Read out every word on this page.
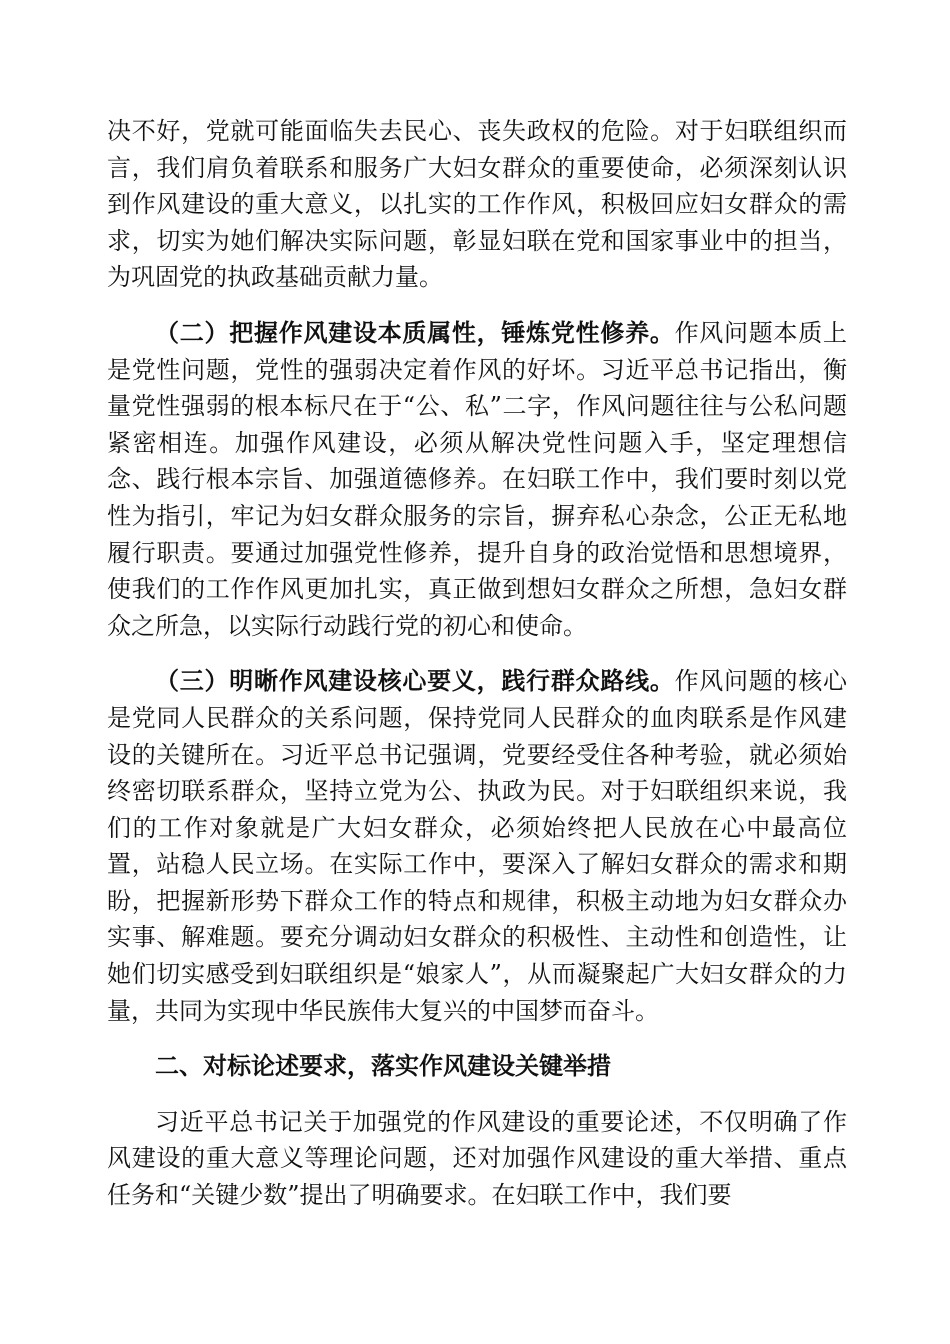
决不好，党就可能面临失去民心、丧失政权的危险。对于妇联组织而言，我们肩负着联系和服务广大妇女群众的重要使命，必须深刻认识到作风建设的重大意义，以扎实的工作作风，积极回应妇女群众的需求，切实为她们解决实际问题，彰显妇联在党和国家事业中的担当，为巩固党的执政基础贡献力量。

（二）把握作风建设本质属性，锤炼党性修养。作风问题本质上是党性问题，党性的强弱决定着作风的好坏。习近平总书记指出，衡量党性强弱的根本标尺在于“公、私”二字，作风问题往往与公私问题紧密相连。加强作风建设，必须从解决党性问题入手，坚定理想信念、践行根本宗旨、加强道德修养。在妇联工作中，我们要时刻以党性为指引，牢记为妇女群众服务的宗旨，摒弃私心杂念，公正无私地履行职责。要通过加强党性修养，提升自身的政治觉悟和思想境界，使我们的工作作风更加扎实，真正做到想妇女群众之所想，急妇女群众之所急，以实际行动践行党的初心和使命。

（三）明晰作风建设核心要义，践行群众路线。作风问题的核心是党同人民群众的关系问题，保持党同人民群众的血肉联系是作风建设的关键所在。习近平总书记强调，党要经受住各种考验，就必须始终密切联系群众，坚持立党为公、执政为民。对于妇联组织来说，我们的工作对象就是广大妇女群众，必须始终把人民放在心中最高位置，站稳人民立场。在实际工作中，要深入了解妇女群众的需求和期盼，把握新形势下群众工作的特点和规律，积极主动地为妇女群众办实事、解难题。要充分调动妇女群众的积极性、主动性和创造性，让她们切实感受到妇联组织是“娘家人”，从而凝聚起广大妇女群众的力量，共同为实现中华民族伟大复兴的中国梦而奋斗。

二、对标论述要求，落实作风建设关键举措

习近平总书记关于加强党的作风建设的重要论述，不仅明确了作风建设的重大意义等理论问题，还对加强作风建设的重大举措、重点任务和“关键少数”提出了明确要求。在妇联工作中，我们要
